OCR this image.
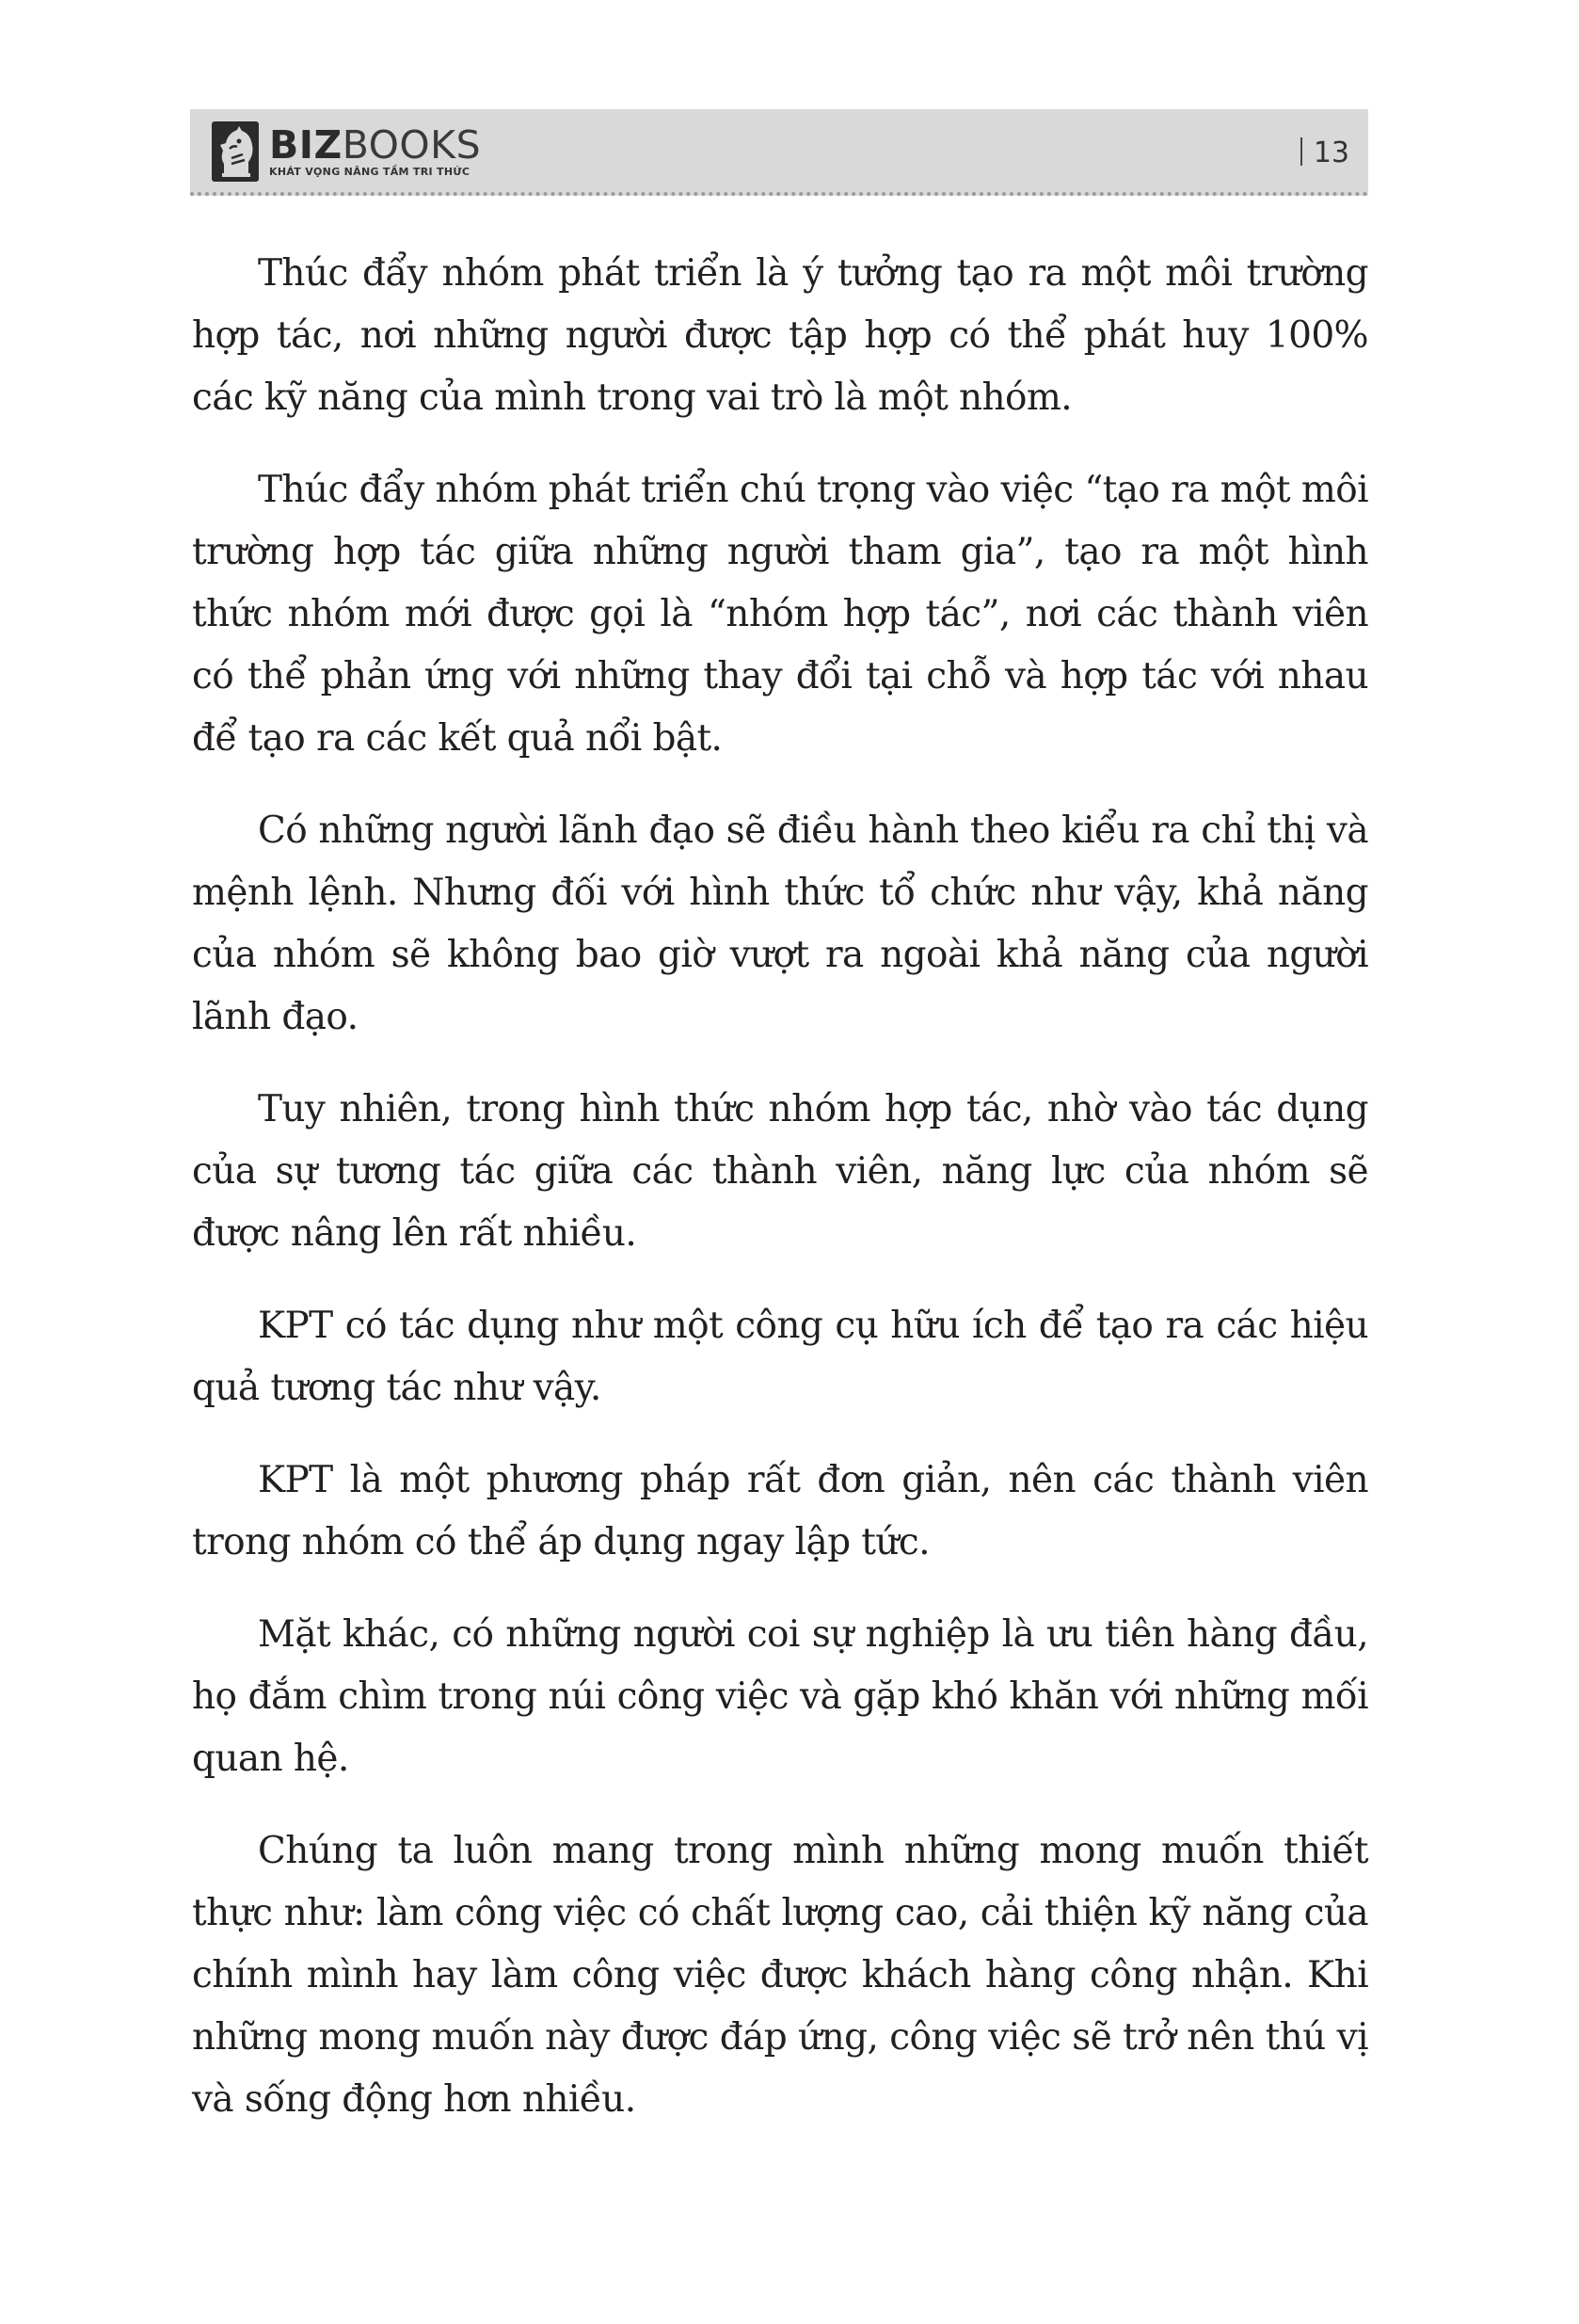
BIZBOOKS
KHÁT VỌNG NÂNG TẦM TRI THỨC
13

Thúc đẩy nhóm phát triển là ý tưởng tạo ra một môi trường hợp tác, nơi những người được tập hợp có thể phát huy 100% các kỹ năng của mình trong vai trò là một nhóm.

Thúc đẩy nhóm phát triển chú trọng vào việc “tạo ra một môi trường hợp tác giữa những người tham gia”, tạo ra một hình thức nhóm mới được gọi là “nhóm hợp tác”, nơi các thành viên có thể phản ứng với những thay đổi tại chỗ và hợp tác với nhau để tạo ra các kết quả nổi bật.

Có những người lãnh đạo sẽ điều hành theo kiểu ra chỉ thị và mệnh lệnh. Nhưng đối với hình thức tổ chức như vậy, khả năng của nhóm sẽ không bao giờ vượt ra ngoài khả năng của người lãnh đạo.

Tuy nhiên, trong hình thức nhóm hợp tác, nhờ vào tác dụng của sự tương tác giữa các thành viên, năng lực của nhóm sẽ được nâng lên rất nhiều.

KPT có tác dụng như một công cụ hữu ích để tạo ra các hiệu quả tương tác như vậy.

KPT là một phương pháp rất đơn giản, nên các thành viên trong nhóm có thể áp dụng ngay lập tức.

Mặt khác, có những người coi sự nghiệp là ưu tiên hàng đầu, họ đắm chìm trong núi công việc và gặp khó khăn với những mối quan hệ.

Chúng ta luôn mang trong mình những mong muốn thiết thực như: làm công việc có chất lượng cao, cải thiện kỹ năng của chính mình hay làm công việc được khách hàng công nhận. Khi những mong muốn này được đáp ứng, công việc sẽ trở nên thú vị và sống động hơn nhiều.
